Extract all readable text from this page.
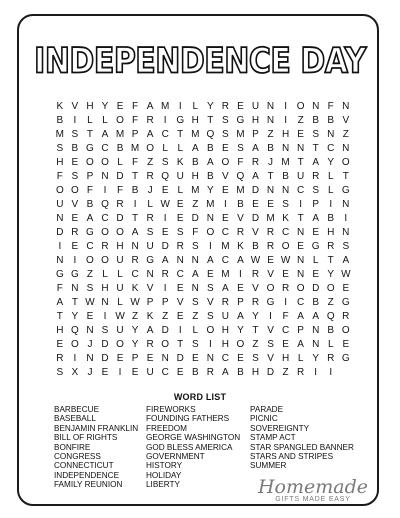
INDEPENDENCE DAY
K V H Y E F A M I	L Y R E U N I O N F N
B	I	L L O F R I G H T S G H N I	Z B B V
M S T A M P A C T M Q S M P Z H E S N Z
S B G C B M O L L A B E S A B N N T C N
H E O O L F Z S K B A O F R J M T A Y O
F S P N D T R Q U H B V Q A T B U R L T
O O F	I	F B J E L M Y E M D N N C S L G
U V B Q R I	L W E Z M I	B E E S	I	P	I N
N E A C D T R I	E D N E V D M K T A B	I
D R G O O A S E S F O C R V R C N E H N
I	E C R H N U D R S	I M K B R O E G R S
N I O O U R G A N N A C A W E W N L T A
G G Z L L C N R C A E M I R V E N E Y W
F N S H U K V	I	E N S A E V O R O D O E
A T W N L W P P V S V R P R G I C B Z G
T Y E	I W Z K Z E Z S U A Y	I	F A A Q R
H Q N S U Y A D I	L O H Y T V C P N B O
E O J D O Y R O T S	I H O Z S E A N L E
R I N D E P E N D E N C E S V H L Y R G
S X J E	I	E U C E B R A B H D Z R I	I
WORD LIST
BARBECUE
BASEBALL
BENJAMIN FRANKLIN
BILL OF RIGHTS
BONFIRE
CONGRESS
CONNECTICUT
INDEPENDENCE
FAMILY REUNION
FIREWORKS
FOUNDING FATHERS
FREEDOM
GEORGE WASHINGTON
GOD BLESS AMERICA
GOVERNMENT
HISTORY
HOLIDAY
LIBERTY
PARADE
PICNIC
SOVEREIGNTY
STAMP ACT
STAR SPANGLED BANNER
STARS AND STRIPES
SUMMER
Homemade
GIFTS MADE EASY
